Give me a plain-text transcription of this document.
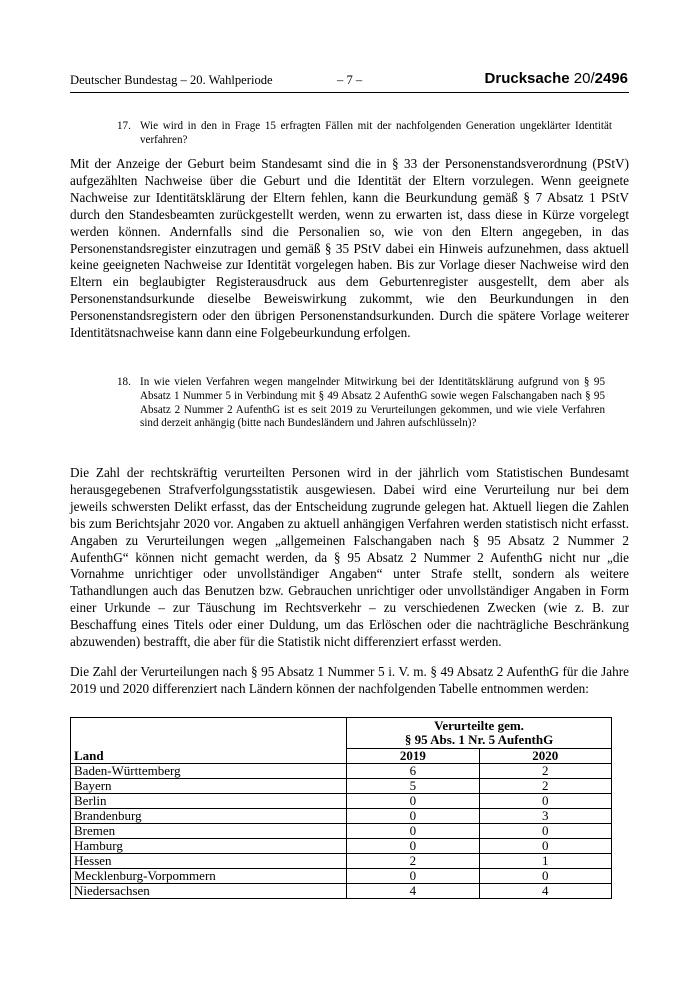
Deutscher Bundestag – 20. Wahlperiode	– 7 –	Drucksache 20/2496
17. Wie wird in den in Frage 15 erfragten Fällen mit der nachfolgenden Generation ungeklärter Identität verfahren?

Mit der Anzeige der Geburt beim Standesamt sind die in § 33 der Personenstandsverordnung (PStV) aufgezählten Nachweise über die Geburt und die Identität der Eltern vorzulegen. Wenn geeignete Nachweise zur Identitätsklärung der Eltern fehlen, kann die Beurkundung gemäß § 7 Absatz 1 PStV durch den Standesbeamten zurückgestellt werden, wenn zu erwarten ist, dass diese in Kürze vorgelegt werden können. Andernfalls sind die Personalien so, wie von den Eltern angegeben, in das Personenstandsregister einzutragen und gemäß § 35 PStV dabei ein Hinweis aufzunehmen, dass aktuell keine geeigneten Nachweise zur Identität vorgelegen haben. Bis zur Vorlage dieser Nachweise wird den Eltern ein beglaubigter Registerausdruck aus dem Geburtenregister ausgestellt, dem aber als Personenstandsurkunde dieselbe Beweiswirkung zukommt, wie den Beurkundungen in den Personenstandsregistern oder den übrigen Personenstandsurkunden. Durch die spätere Vorlage weiterer Identitätsnachweise kann dann eine Folgebeurkundung erfolgen.

18. In wie vielen Verfahren wegen mangelnder Mitwirkung bei der Identitätsklärung aufgrund von § 95 Absatz 1 Nummer 5 in Verbindung mit § 49 Absatz 2 AufenthG sowie wegen Falschangaben nach § 95 Absatz 2 Nummer 2 AufenthG ist es seit 2019 zu Verurteilungen gekommen, und wie viele Verfahren sind derzeit anhängig (bitte nach Bundesländern und Jahren aufschlüsseln)?

Die Zahl der rechtskräftig verurteilten Personen wird in der jährlich vom Statistischen Bundesamt herausgegebenen Strafverfolgungsstatistik ausgewiesen. Dabei wird eine Verurteilung nur bei dem jeweils schwersten Delikt erfasst, das der Entscheidung zugrunde gelegen hat. Aktuell liegen die Zahlen bis zum Berichtsjahr 2020 vor. Angaben zu aktuell anhängigen Verfahren werden statistisch nicht erfasst. Angaben zu Verurteilungen wegen „allgemeinen Falschangaben nach § 95 Absatz 2 Nummer 2 AufenthG“ können nicht gemacht werden, da § 95 Absatz 2 Nummer 2 AufenthG nicht nur „die Vornahme unrichtiger oder unvollständiger Angaben“ unter Strafe stellt, sondern als weitere Tathandlungen auch das Benutzen bzw. Gebrauchen unrichtiger oder unvollständiger Angaben in Form einer Urkunde – zur Täuschung im Rechtsverkehr – zu verschiedenen Zwecken (wie z. B. zur Beschaffung eines Titels oder einer Duldung, um das Erlöschen oder die nachträgliche Beschränkung abzuwenden) bestrafft, die aber für die Statistik nicht differenziert erfasst werden.

Die Zahl der Verurteilungen nach § 95 Absatz 1 Nummer 5 i. V. m. § 49 Absatz 2 AufenthG für die Jahre 2019 und 2020 differenziert nach Ländern können der nachfolgenden Tabelle entnommen werden:

	Verurteilte gem.
§ 95 Abs. 1 Nr. 5 AufenthG	
Land	2019	2020
Baden-Württemberg	6	2
Bayern	5	2
Berlin	0	0
Brandenburg	0	3
Bremen	0	0
Hamburg	0	0
Hessen	2	1
Mecklenburg-Vorpommern	0	0
Niedersachsen	4	4
